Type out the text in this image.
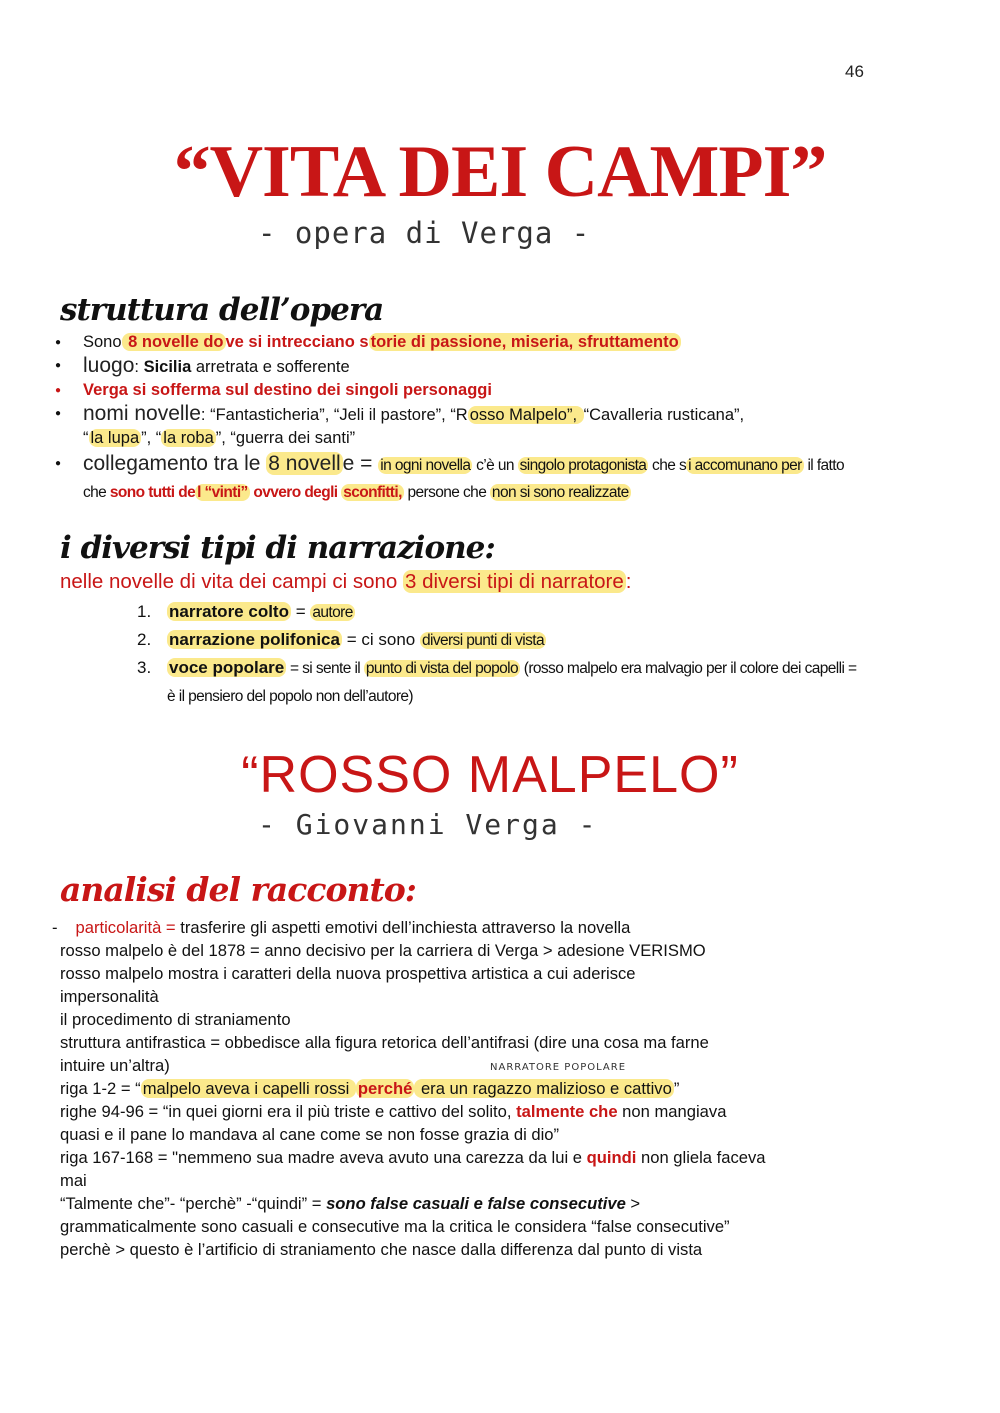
46
“VITA DEI CAMPI”
- opera di Verga -
struttura dell’opera
● Sono 8 novelle do ve si intrecciano s torie di passione, miseria, sfruttamento
● luogo: Sicilia arretrata e sofferente
● Verga si sofferma sul destino dei singoli personaggi
● nomi novelle: “Fantasticheria”, “Jeli il pastore”, “R osso Malpelo”, “Cavalleria rusticana”,
“ la lupa ”, “ la roba ”, “guerra dei santi”
● collegamento tra le 8 novelle = in ogni novella c’è un singolo protagonista che s i accomunano per il fatto
che sono tutti de l “vinti” ovvero degli sconfitti, persone che non si sono realizzate
i diversi tipi di narrazione:
nelle novelle di vita dei campi ci sono 3 diversi tipi di narratore:
1. narratore colto = autore
2. narrazione polifonica = ci sono diversi punti di vista
3. voce popolare = si sente il punto di vista del popolo (rosso malpelo era malvagio per il colore dei capelli =
è il pensiero del popolo non dell’autore)
“ROSSO MALPELO”
- Giovanni Verga -
analisi del racconto:
- particolarità = trasferire gli aspetti emotivi dell’inchiesta attraverso la novella
rosso malpelo è del 1878 = anno decisivo per la carriera di Verga > adesione VERISMO
rosso malpelo mostra i caratteri della nuova prospettiva artistica a cui aderisce
impersonalità
il procedimento di straniamento
struttura antifrastica = obbedisce alla figura retorica dell’antifrasi (dire una cosa ma farne
intuire un’altra)
riga 1-2 = “ malpelo aveva i capelli rossi perché era un ragazzo malizioso e cattivo ”
righe 94-96 = “in quei giorni era il più triste e cattivo del solito, talmente che non mangiava
quasi e il pane lo mandava al cane come se non fosse grazia di dio”
riga 167-168 = "nemmeno sua madre aveva avuto una carezza da lui e quindi non gliela faceva
mai
“Talmente che”- “perchè” -“quindi” = sono false casuali e false consecutive >
grammaticalmente sono casuali e consecutive ma la critica le considera “false consecutive”
perchè > questo è l’artificio di straniamento che nasce dalla differenza dal punto di vista
NARRATORE POPOLARE
